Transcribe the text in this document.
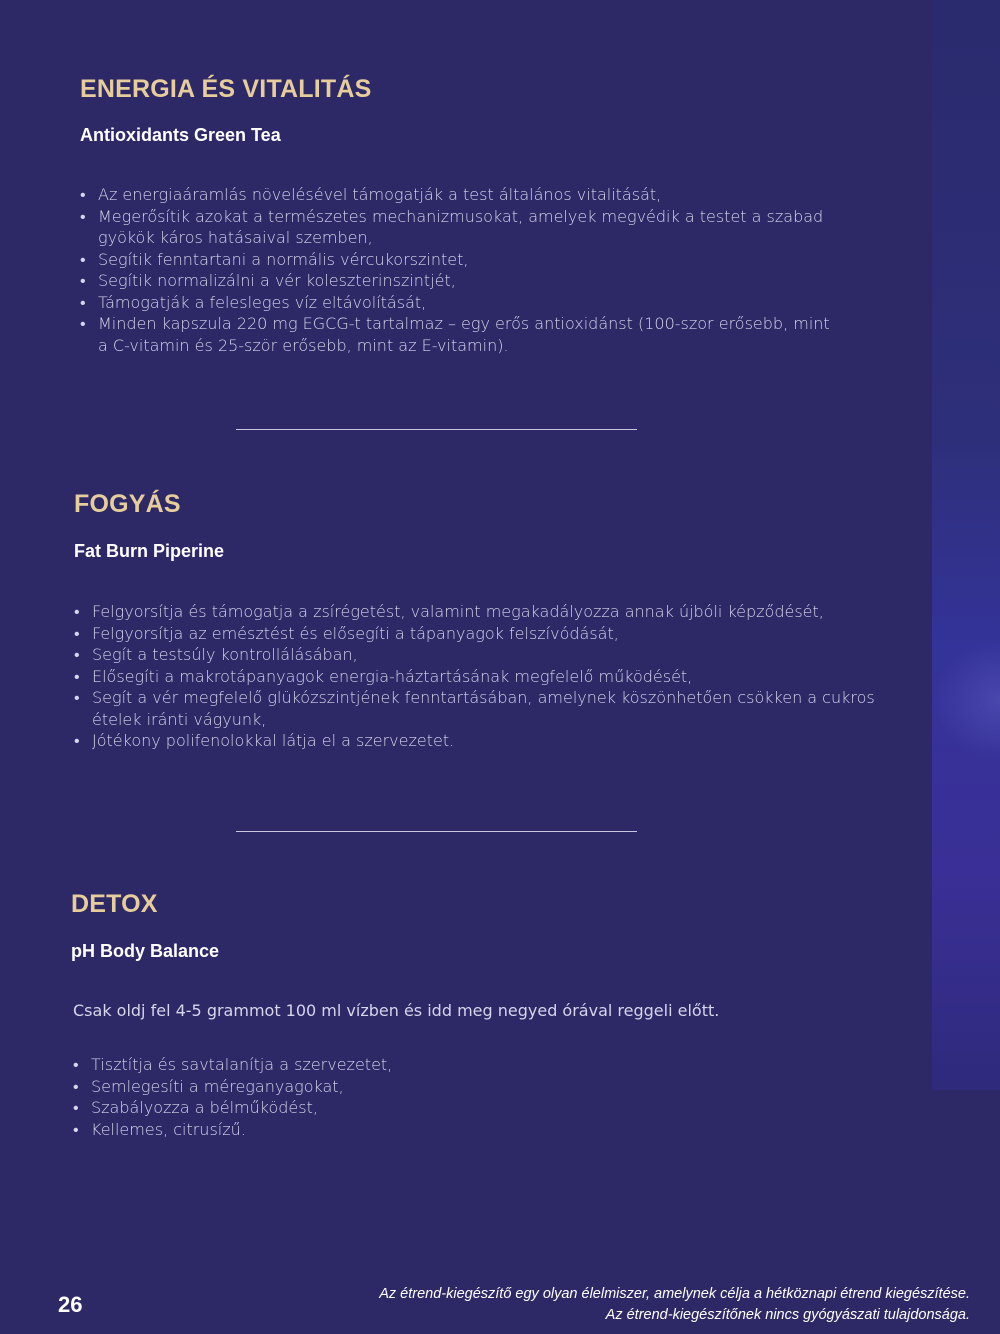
ENERGIA ÉS VITALITÁS
Antioxidants Green Tea
• Az energiaáramlás növelésével támogatják a test általános vitalitását,
• Megerősítik azokat a természetes mechanizmusokat, amelyek megvédik a testet a szabad gyökök káros hatásaival szemben,
• Segítik fenntartani a normális vércukorszintet,
• Segítik normalizálni a vér koleszterinszintjét,
• Támogatják a felesleges víz eltávolítását,
• Minden kapszula 220 mg EGCG-t tartalmaz – egy erős antioxidánst (100-szor erősebb, mint a C-vitamin és 25-ször erősebb, mint az E-vitamin).
FOGYÁS
Fat Burn Piperine
• Felgyorsítja és támogatja a zsírégetést, valamint megakadályozza annak újbóli képződését,
• Felgyorsítja az emésztést és elősegíti a tápanyagok felszívódását,
• Segít a testsúly kontrollálásában,
• Elősegíti a makrotápanyagok energia-háztartásának megfelelő működését,
• Segít a vér megfelelő glükózszintjének fenntartásában, amelynek köszönhetően csökken a cukros ételek iránti vágyunk,
• Jótékony polifenolokkal látja el a szervezetet.
DETOX
pH Body Balance

Csak oldj fel 4-5 grammot 100 ml vízben és idd meg negyed órával reggeli előtt.

• Tisztítja és savtalanítja a szervezetet,
• Semlegesíti a méreganyagokat,
• Szabályozza a bélműködést,
• Kellemes, citrusízű.

26	Az étrend-kiegészítő egy olyan élelmiszer, amelynek célja a hétköznapi étrend kiegészítése.
Az étrend-kiegészítőnek nincs gyógyászati tulajdonsága.
